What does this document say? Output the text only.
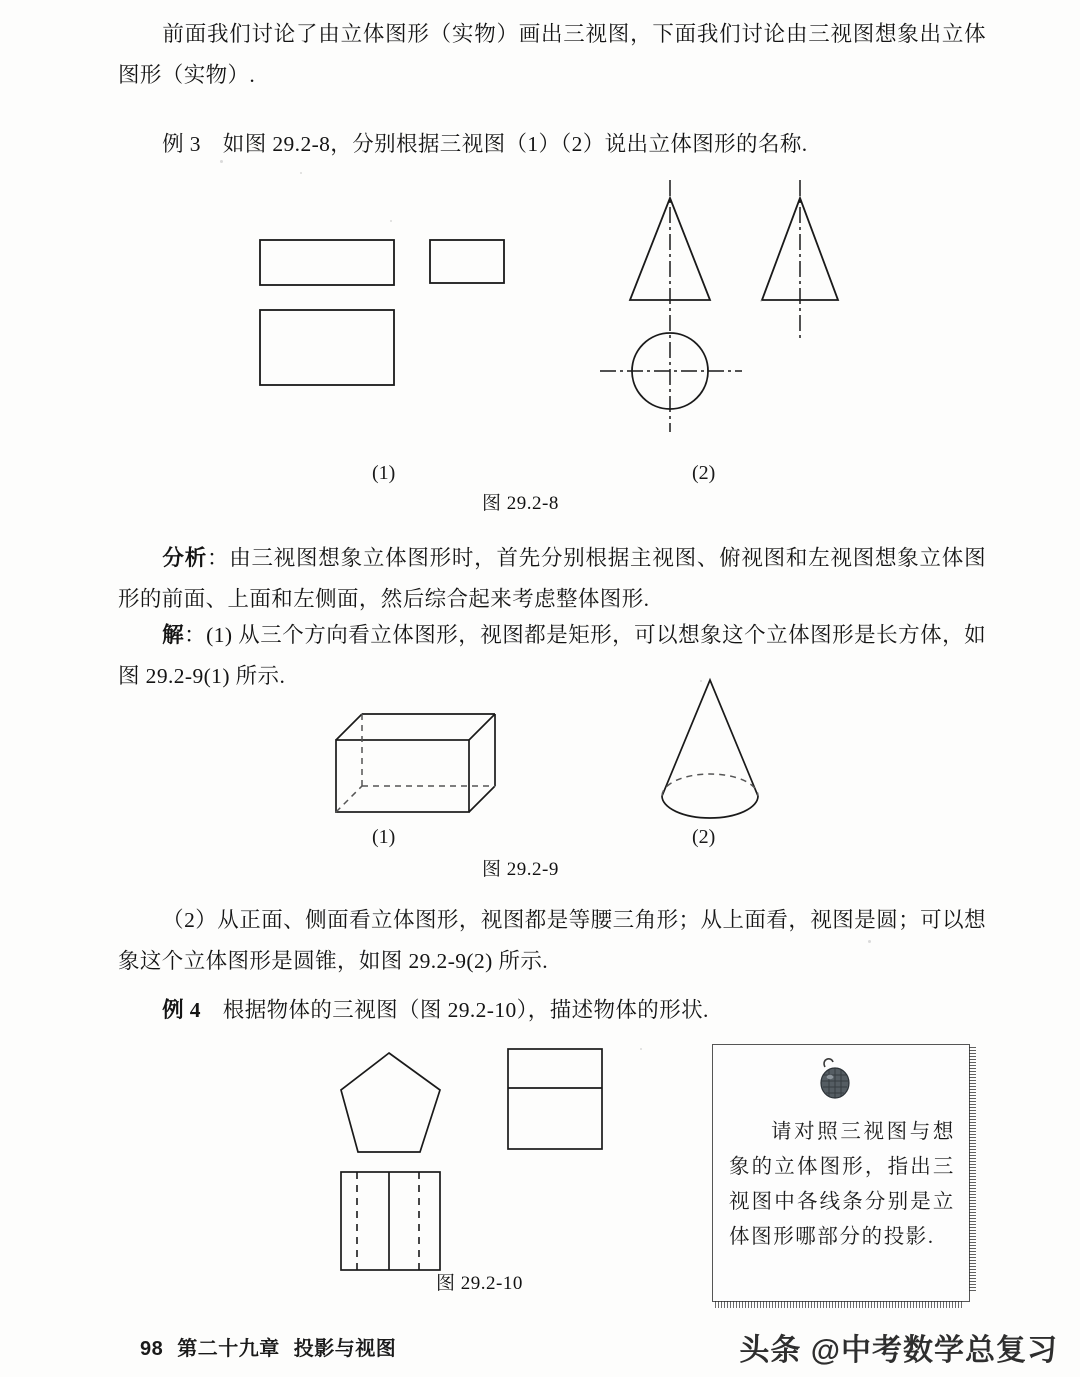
前面我们讨论了由立体图形（实物）画出三视图，下面我们讨论由三视图想象出立体图形（实物）.
例 3　如图 29.2-8，分别根据三视图（1）（2）说出立体图形的名称.
(1)	(2)
图 29.2-8
分析：由三视图想象立体图形时，首先分别根据主视图、俯视图和左视图想象立体图形的前面、上面和左侧面，然后综合起来考虑整体图形.
解：(1) 从三个方向看立体图形，视图都是矩形，可以想象这个立体图形是长方体，如图 29.2-9(1) 所示.
(1)	(2)
图 29.2-9
（2）从正面、侧面看立体图形，视图都是等腰三角形；从上面看，视图是圆；可以想象这个立体图形是圆锥，如图 29.2-9(2) 所示.
例 4　根据物体的三视图（图 29.2-10），描述物体的形状.
图 29.2-10
请对照三视图与想象的立体图形，指出三视图中各线条分别是立体图形哪部分的投影.
98 第二十九章 投影与视图	头条 @中考数学总复习
